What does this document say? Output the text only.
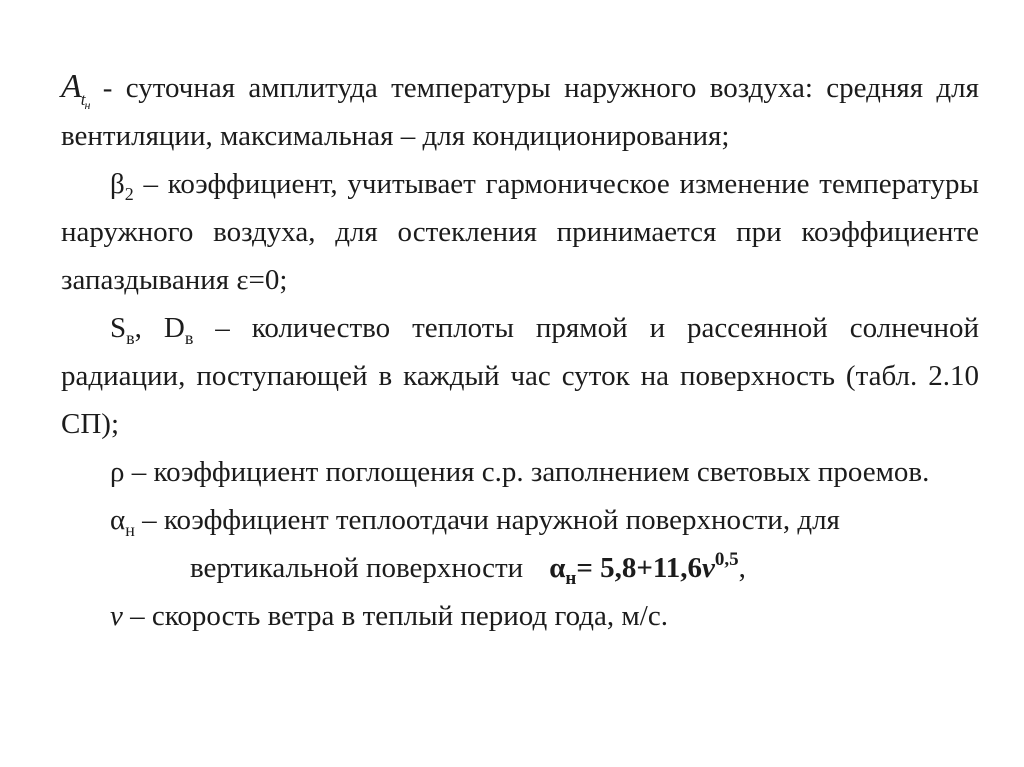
$A_{t_н}$ - суточная амплитуда температуры наружного воздуха: средняя для вентиляции, максимальная – для кондиционирования;

$\beta_2$ – коэффициент, учитывает гармоническое изменение температуры наружного воздуха, для остекления принимается при коэффициенте запаздывания ε=0;

$S_в$, $D_в$ – количество теплоты прямой и рассеянной солнечной радиации, поступающей в каждый час суток на поверхность (табл. 2.10 СП);

ρ – коэффициент поглощения с.р. заполнением световых проемов.

$\alpha_н$ – коэффициент теплоотдачи наружной поверхности, для

вертикальной поверхности $\alpha_н= 5,8+11,6v^{0,5}$,

v – скорость ветра в теплый период года, м/с.
